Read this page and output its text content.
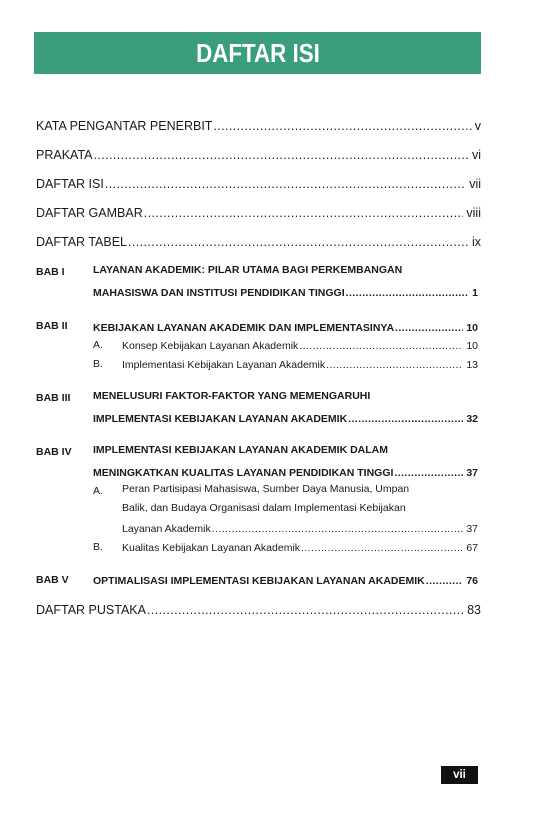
DAFTAR ISI
KATA PENGANTAR PENERBIT .....	v
PRAKATA .....	vi
DAFTAR ISI .....	vii
DAFTAR GAMBAR .....	viii
DAFTAR TABEL .....	ix
BAB I	LAYANAN AKADEMIK: PILAR UTAMA BAGI PERKEMBANGAN
MAHASISWA DAN INSTITUSI PENDIDIKAN TINGGI .....	1
BAB II KEBIJAKAN LAYANAN AKADEMIK DAN IMPLEMENTASINYA .....	10
A. Konsep Kebijakan Layanan Akademik .....	10
B. Implementasi Kebijakan Layanan Akademik .....	13
BAB III MENELUSURI FAKTOR-FAKTOR YANG MEMENGARUHI
IMPLEMENTASI KEBIJAKAN LAYANAN AKADEMIK .....	32
BAB IV IMPLEMENTASI KEBIJAKAN LAYANAN AKADEMIK DALAM
MENINGKATKAN KUALITAS LAYANAN PENDIDIKAN TINGGI .....	37
A. Peran Partisipasi Mahasiswa, Sumber Daya Manusia, Umpan
Balik, dan Budaya Organisasi dalam Implementasi Kebijakan
Layanan Akademik .....	37
B. Kualitas Kebijakan Layanan Akademik .....	67
BAB V OPTIMALISASI IMPLEMENTASI KEBIJAKAN LAYANAN AKADEMIK .....	76
DAFTAR PUSTAKA .....	83
vii
